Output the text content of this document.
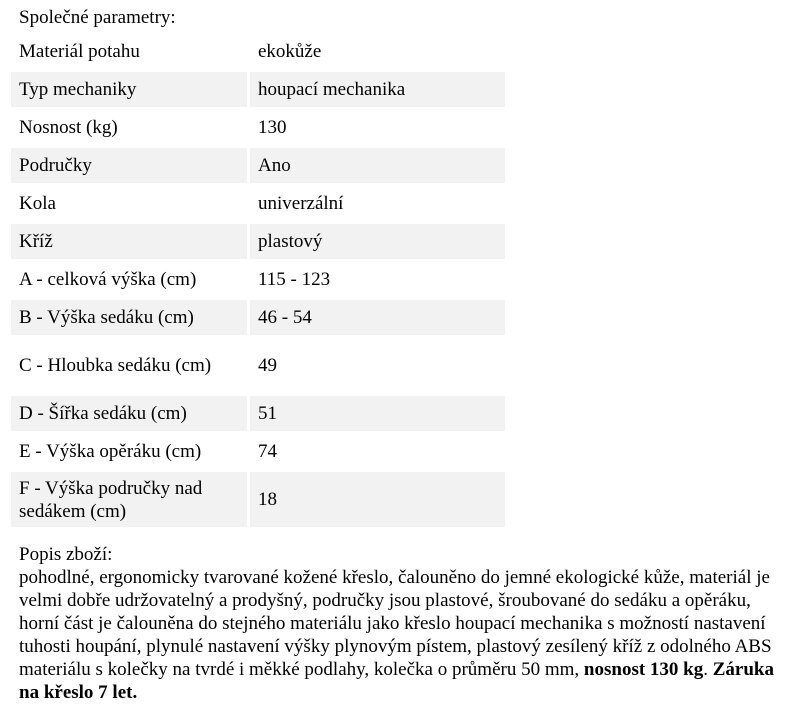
Společné parametry:
Materiál potahu	ekokůže
Typ mechaniky	houpací mechanika
Nosnost (kg)	130
Područky	Ano
Kola	univerzální
Kříž	plastový
A - celková výška (cm)	115 - 123
B - Výška sedáku (cm)	46 - 54
C - Hloubka sedáku (cm)	49
D - Šířka sedáku (cm)	51
E - Výška opěráku (cm)	74
F - Výška područky nad sedákem (cm)	18
Popis zboží:
pohodlné, ergonomicky tvarované kožené křeslo, čalouněno do jemné ekologické kůže, materiál je velmi dobře udržovatelný a prodyšný, područky jsou plastové, šroubované do sedáku a opěráku, horní část je čalouněna do stejného materiálu jako křeslo houpací mechanika s možností nastavení tuhosti houpání, plynulé nastavení výšky plynovým pístem, plastový zesílený kříž z odolného ABS materiálu s kolečky na tvrdé i měkké podlahy, kolečka o průměru 50 mm, nosnost 130 kg. Záruka na křeslo 7 let.
